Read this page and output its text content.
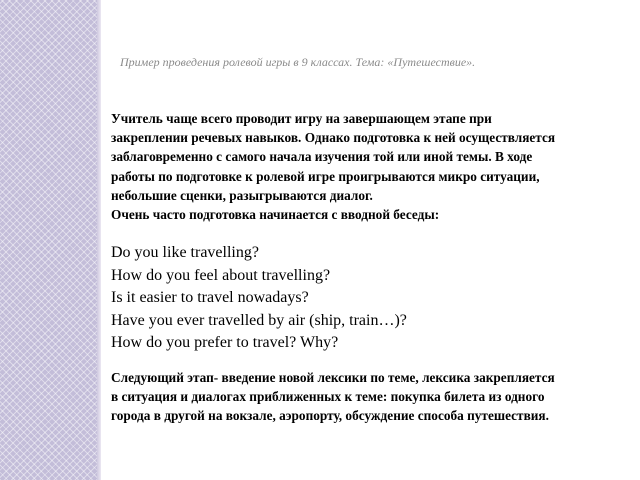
Пример проведения ролевой игры в 9 классах. Тема: «Путешествие».
Учитель чаще всего проводит игру на завершающем этапе при
закреплении речевых навыков. Однако подготовка к ней осуществляется
заблаговременно с самого начала изучения той или иной темы. В ходе
работы по подготовке к ролевой игре проигрываются микро ситуации,
небольшие сценки, разыгрываются диалог.
Очень часто подготовка начинается с вводной беседы:
Do you like travelling?
How do you feel about travelling?
Is it easier to travel nowadays?
Have you ever travelled by air (ship, train…)?
How do you prefer to travel? Why?
Следующий этап- введение новой лексики по теме, лексика закрепляется
в ситуация и диалогах приближенных к теме: покупка билета из одного
города в другой на вокзале, аэропорту, обсуждение способа путешествия.
